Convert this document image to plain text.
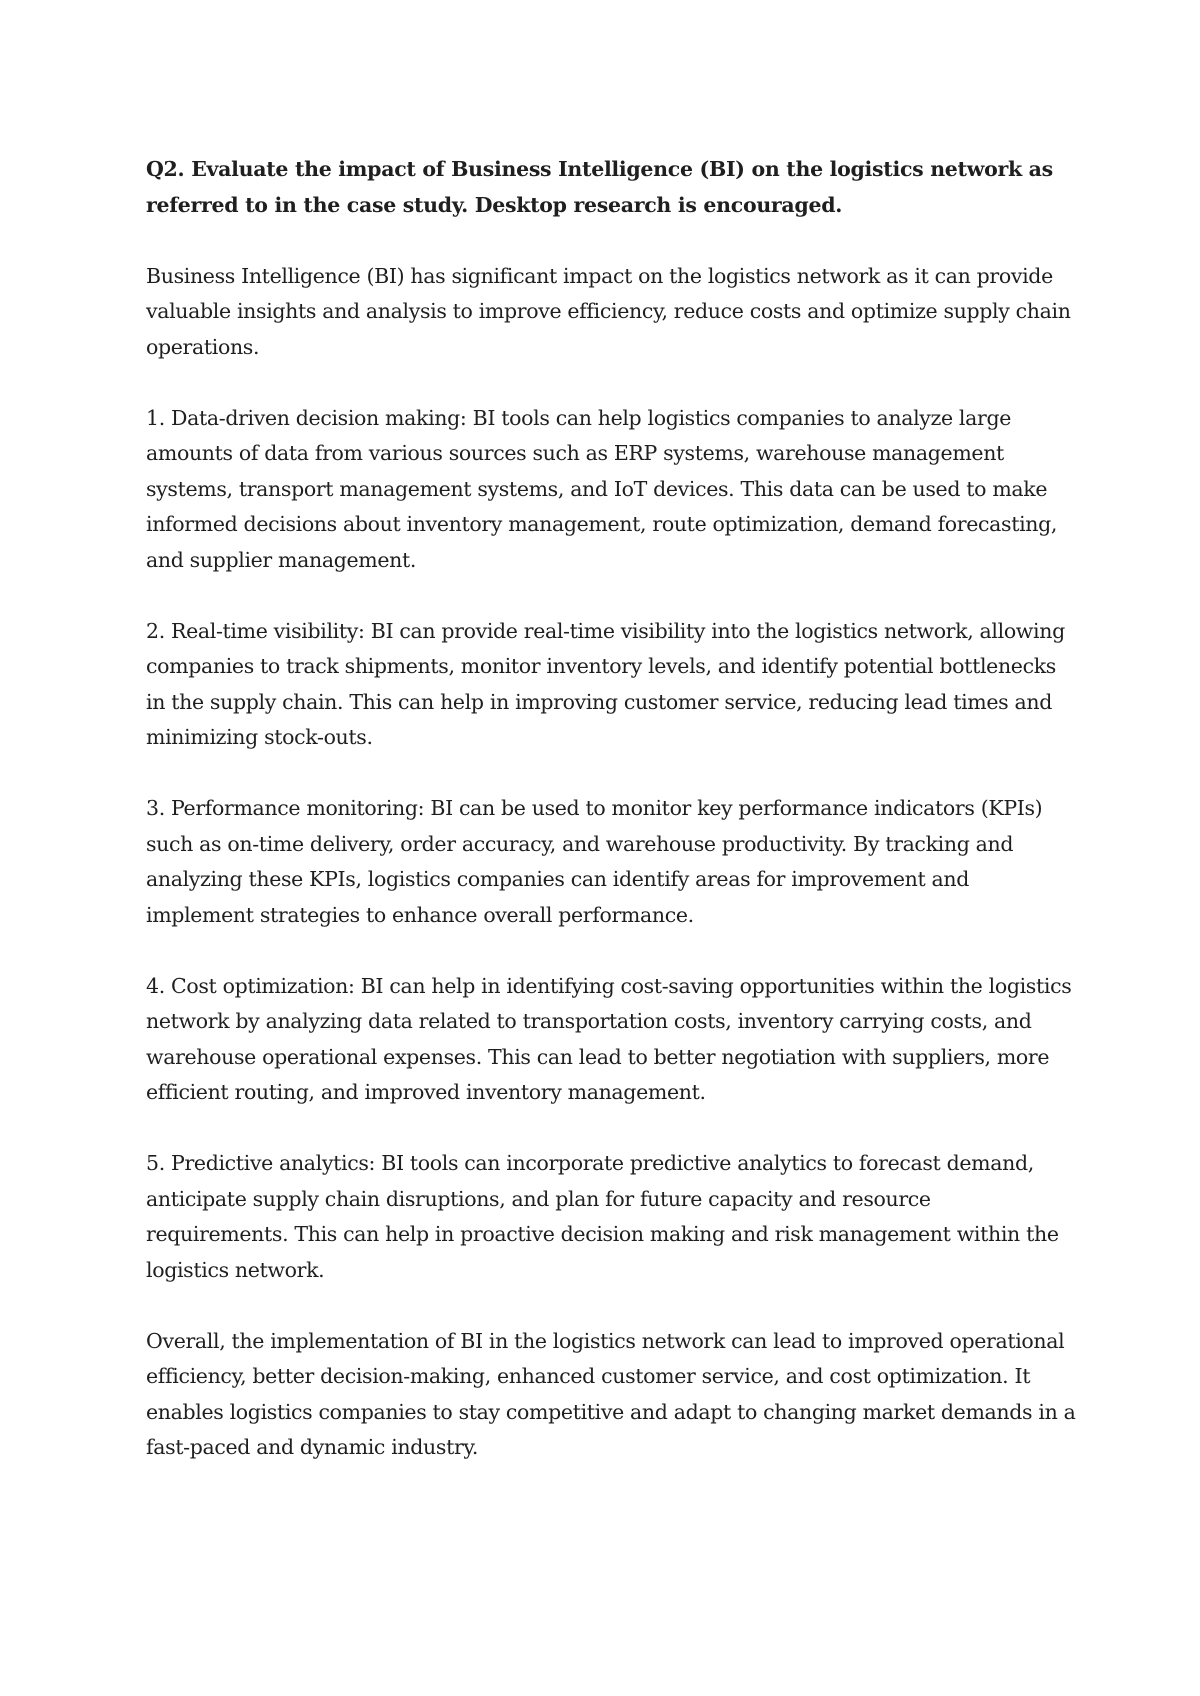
Q2. Evaluate the impact of Business Intelligence (BI) on the logistics network as referred to in the case study. Desktop research is encouraged.

Business Intelligence (BI) has significant impact on the logistics network as it can provide valuable insights and analysis to improve efficiency, reduce costs and optimize supply chain operations.

1. Data-driven decision making: BI tools can help logistics companies to analyze large amounts of data from various sources such as ERP systems, warehouse management systems, transport management systems, and IoT devices. This data can be used to make informed decisions about inventory management, route optimization, demand forecasting, and supplier management.

2. Real-time visibility: BI can provide real-time visibility into the logistics network, allowing companies to track shipments, monitor inventory levels, and identify potential bottlenecks in the supply chain. This can help in improving customer service, reducing lead times and minimizing stock-outs.

3. Performance monitoring: BI can be used to monitor key performance indicators (KPIs) such as on-time delivery, order accuracy, and warehouse productivity. By tracking and analyzing these KPIs, logistics companies can identify areas for improvement and implement strategies to enhance overall performance.

4. Cost optimization: BI can help in identifying cost-saving opportunities within the logistics network by analyzing data related to transportation costs, inventory carrying costs, and warehouse operational expenses. This can lead to better negotiation with suppliers, more efficient routing, and improved inventory management.

5. Predictive analytics: BI tools can incorporate predictive analytics to forecast demand, anticipate supply chain disruptions, and plan for future capacity and resource requirements. This can help in proactive decision making and risk management within the logistics network.

Overall, the implementation of BI in the logistics network can lead to improved operational efficiency, better decision-making, enhanced customer service, and cost optimization. It enables logistics companies to stay competitive and adapt to changing market demands in a fast-paced and dynamic industry.
